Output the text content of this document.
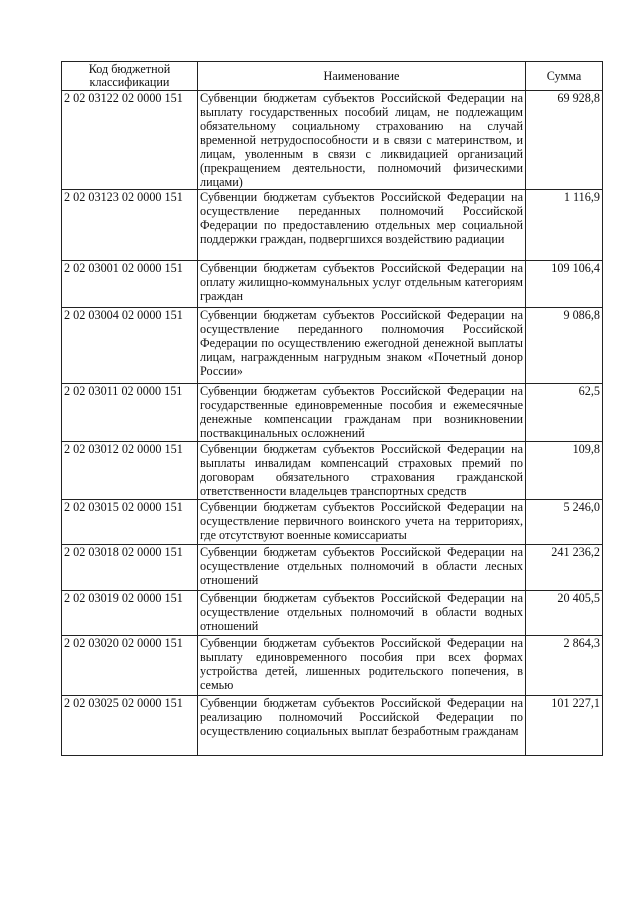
Код бюджетной классификации	Наименование	Сумма
2 02 03122 02 0000 151	Субвенции бюджетам субъектов Российской Федерации на выплату государственных пособий лицам, не подлежащим обязательному социальному страхованию на случай временной нетрудоспособности и в связи с материнством, и лицам, уволенным в связи с ликвидацией организаций (прекращением деятельности, полномочий физическими лицами)	69 928,8
2 02 03123 02 0000 151	Субвенции бюджетам субъектов Российской Федерации на осуществление переданных полномочий Российской Федерации по предоставлению отдельных мер социальной поддержки граждан, подвергшихся воздействию радиации	1 116,9
2 02 03001 02 0000 151	Субвенции бюджетам субъектов Российской Федерации на оплату жилищно-коммунальных услуг отдельным категориям граждан	109 106,4
2 02 03004 02 0000 151	Субвенции бюджетам субъектов Российской Федерации на осуществление переданного полномочия Российской Федерации по осуществлению ежегодной денежной выплаты лицам, награжденным нагрудным знаком «Почетный донор России»	9 086,8
2 02 03011 02 0000 151	Субвенции бюджетам субъектов Российской Федерации на государственные единовременные пособия и ежемесячные денежные компенсации гражданам при возникновении поствакцинальных осложнений	62,5
2 02 03012 02 0000 151	Субвенции бюджетам субъектов Российской Федерации на выплаты инвалидам компенсаций страховых премий по договорам обязательного страхования гражданской ответственности владельцев транспортных средств	109,8
2 02 03015 02 0000 151	Субвенции бюджетам субъектов Российской Федерации на осуществление первичного воинского учета на территориях, где отсутствуют военные комиссариаты	5 246,0
2 02 03018 02 0000 151	Субвенции бюджетам субъектов Российской Федерации на осуществление отдельных полномочий в области лесных отношений	241 236,2
2 02 03019 02 0000 151	Субвенции бюджетам субъектов Российской Федерации на осуществление отдельных полномочий в области водных отношений	20 405,5
2 02 03020 02 0000 151	Субвенции бюджетам субъектов Российской Федерации на выплату единовременного пособия при всех формах устройства детей, лишенных родительского попечения, в семью	2 864,3
2 02 03025 02 0000 151	Субвенции бюджетам субъектов Российской Федерации на реализацию полномочий Российской Федерации по осуществлению социальных выплат безработным гражданам	101 227,1
